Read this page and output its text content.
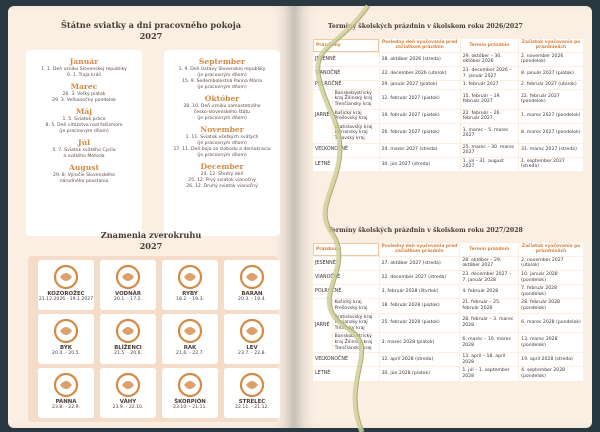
Štátne sviatky a dni pracovného pokoja
2027
Január
1. 1. Deň vzniku Slovenskej republiky
6. 1. Traja králi
Marec
26. 3. Veľký piatok
29. 3. Veľkonočný pondelok
Máj
1. 5. Sviatok práce
8. 5. Deň víťazstva nad fašizmom
(je pracovným dňom)
Júl
5. 7. Sviatok svätého Cyrila
a svätého Metoda
August
29. 8. Výročie Slovenského
národného povstania
September
1. 9. Deň Ústavy Slovenskej republiky
(je pracovným dňom)
15. 9. Sedembolestná Panna Mária
(je pracovným dňom)
Október
28. 10. Deň vzniku samostatného
česko-slovenského štátu
(je pracovným dňom)
November
1. 11. Sviatok všetkých svätých
(je pracovným dňom)
17. 11. Deň boja za slobodu a demokraciu
(je pracovným dňom)
December
24. 12. Štedrý deň
25. 12. Prvý sviatok vianočný
26. 12. Druhý sviatok vianočný
Znamenia zverokruhu
2027
KOZOROŽEC
21.12.2026 - 19.1.2027
VODNÁR
20.1. - 17.2.
RYBY
18.2. - 19.3.
BARAN
20.3. - 19.4.
BÝK
20.4. - 20.5.
BLÍŽENCI
21.5. - 20.6.
RAK
21.6. - 22.7.
LEV
23.7. - 22.8.
PANNA
23.8. - 22.9.
VÁHY
23.9. - 22.10.
ŠKORPIÓN
23.10. - 21.11.
STRELEC
22.11. - 21.12.
Termíny školských prázdnin v školskom roku 2026/2027
Prázdniny		Posledný deň vyučovania pred začiatkom prázdnin	Termín prázdnin	Začiatok vyučovania po prázdninách
JESENNÉ		28. október 2026 (streda)	29. október – 30. október 2026	2. november 2026 (pondelok)
VIANOČNÉ		22. december 2026 (utorok)	23. december 2026 – 7. január 2027	8. január 2027 (piatok)
POLROČNÉ		29. január 2027 (piatok)	1. február 2027	2. február 2027 (utorok)
JARNÉ	Banskobystrický kraj Žilinský kraj Trenčiansky kraj	12. február 2027 (piatok)	15. február – 19. február 2027	22. február 2027 (pondelok)
	Košický kraj Prešovský kraj	19. február 2027 (piatok)	22. február – 26. február 2027	1. marec 2027 (pondelok)
	Bratislavský kraj Nitriansky kraj Trnavský kraj	26. február 2027 (piatok)	1. marec – 5. marec 2027	8. marec 2027 (pondelok)
VEĽKONOČNÉ		24. marec 2027 (streda)	25. marec – 30. marec 2027	31. marec 2027 (streda)
LETNÉ		30. jún 2027 (streda)	1. júl – 31. august 2027	1. september 2027 (streda)
Termíny školských prázdnin v školskom roku 2027/2028
Prázdniny		Posledný deň vyučovania pred začiatkom prázdnin	Termín prázdnin	Začiatok vyučovania po prázdninách
JESENNÉ		27. október 2027 (streda)	28. október – 29. október 2027	2. november 2027 (utorok)
VIANOČNÉ		22. december 2027 (streda)	23. december 2027 – 7. január 2028	10. január 2028 (pondelok)
POLROČNÉ		3. február 2028 (štvrtok)	4. február 2028	7. február 2028 (pondelok)
JARNÉ	Košický kraj Prešovský kraj	18. február 2028 (piatok)	21. február – 25. február 2028	28. február 2028 (pondelok)
	Bratislavský kraj Nitriansky kraj Trnavský kraj	25. február 2028 (piatok)	28. február – 3. marec 2028	6. marec 2028 (pondelok)
	Banskobystrický kraj Žilinský kraj Trenčiansky kraj	3. marec 2028 (piatok)	6. marec – 10. marec 2028	13. marec 2028 (pondelok)
VEĽKONOČNÉ		12. apríl 2028 (streda)	13. apríl – 18. apríl 2028	19. apríl 2028 (streda)
LETNÉ		30. jún 2028 (piatok)	1. júl – 1. september 2028	4. september 2028 (pondelok)
